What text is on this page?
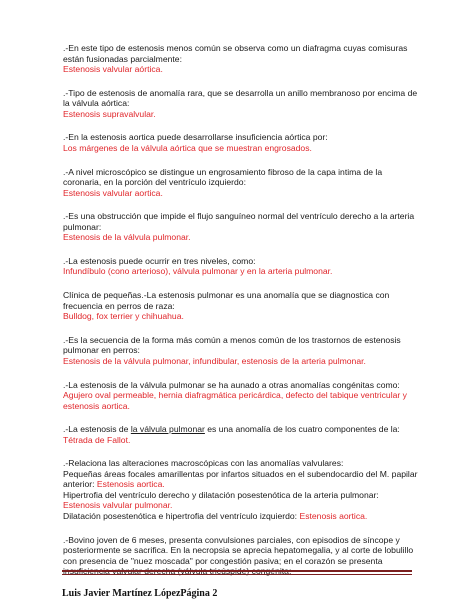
.-En este tipo de estenosis menos común se observa como un diafragma cuyas comisuras están fusionadas parcialmente:
Estenosis valvular aórtica.
.-Tipo de estenosis de anomalía rara, que se desarrolla un anillo membranoso por encima de la válvula aórtica:
Estenosis supravalvular.
.-En la estenosis aortica puede desarrollarse insuficiencia aórtica por:
Los márgenes de la válvula aórtica que se muestran engrosados.
.-A nivel microscópico se distingue un engrosamiento fibroso de la capa intima de la coronaria, en la porción del ventrículo izquierdo:
Estenosis valvular aortica.
.-Es una obstrucción que impide el flujo sanguíneo normal del ventrículo derecho a la arteria pulmonar:
Estenosis de la válvula pulmonar.
.-La estenosis puede ocurrir en tres niveles, como:
Infundíbulo (cono arterioso), válvula pulmonar y en la arteria pulmonar.
Clínica de pequeñas.-La estenosis pulmonar es una anomalía que se diagnostica con frecuencia en perros de raza:
Bulldog, fox terrier y chihuahua.
.-Es la secuencia de la forma más común a menos común de los trastornos de estenosis pulmonar en perros:
Estenosis de la válvula pulmonar, infundibular, estenosis de la arteria pulmonar.
.-La estenosis de la válvula pulmonar se ha aunado a otras anomalías congénitas como:
Agujero oval permeable, hernia diafragmática pericárdica, defecto del tabique ventricular y estenosis aortica.
.-La estenosis de la válvula pulmonar es una anomalía de los cuatro componentes de la:
Tétrada de Fallot.
.-Relaciona las alteraciones macroscópicas con las anomalías valvulares:
Pequeñas áreas focales amarillentas por infartos situados en el subendocardio del M. papilar anterior: Estenosis aortica.
Hipertrofia del ventrículo derecho y dilatación posestenótica de la arteria pulmonar: Estenosis valvular pulmonar.
Dilatación posestenótica e hipertrofia del ventrículo izquierdo: Estenosis aortica.
.-Bovino joven de 6 meses, presenta convulsiones parciales, con episodios de síncope y posteriormente se sacrifica. En la necropsia se aprecia hepatomegalia, y al corte de lobulillo con presencia de "nuez moscada" por congestión pasiva; en el corazón se presenta
Luis Javier Martínez LópezPágina 2
